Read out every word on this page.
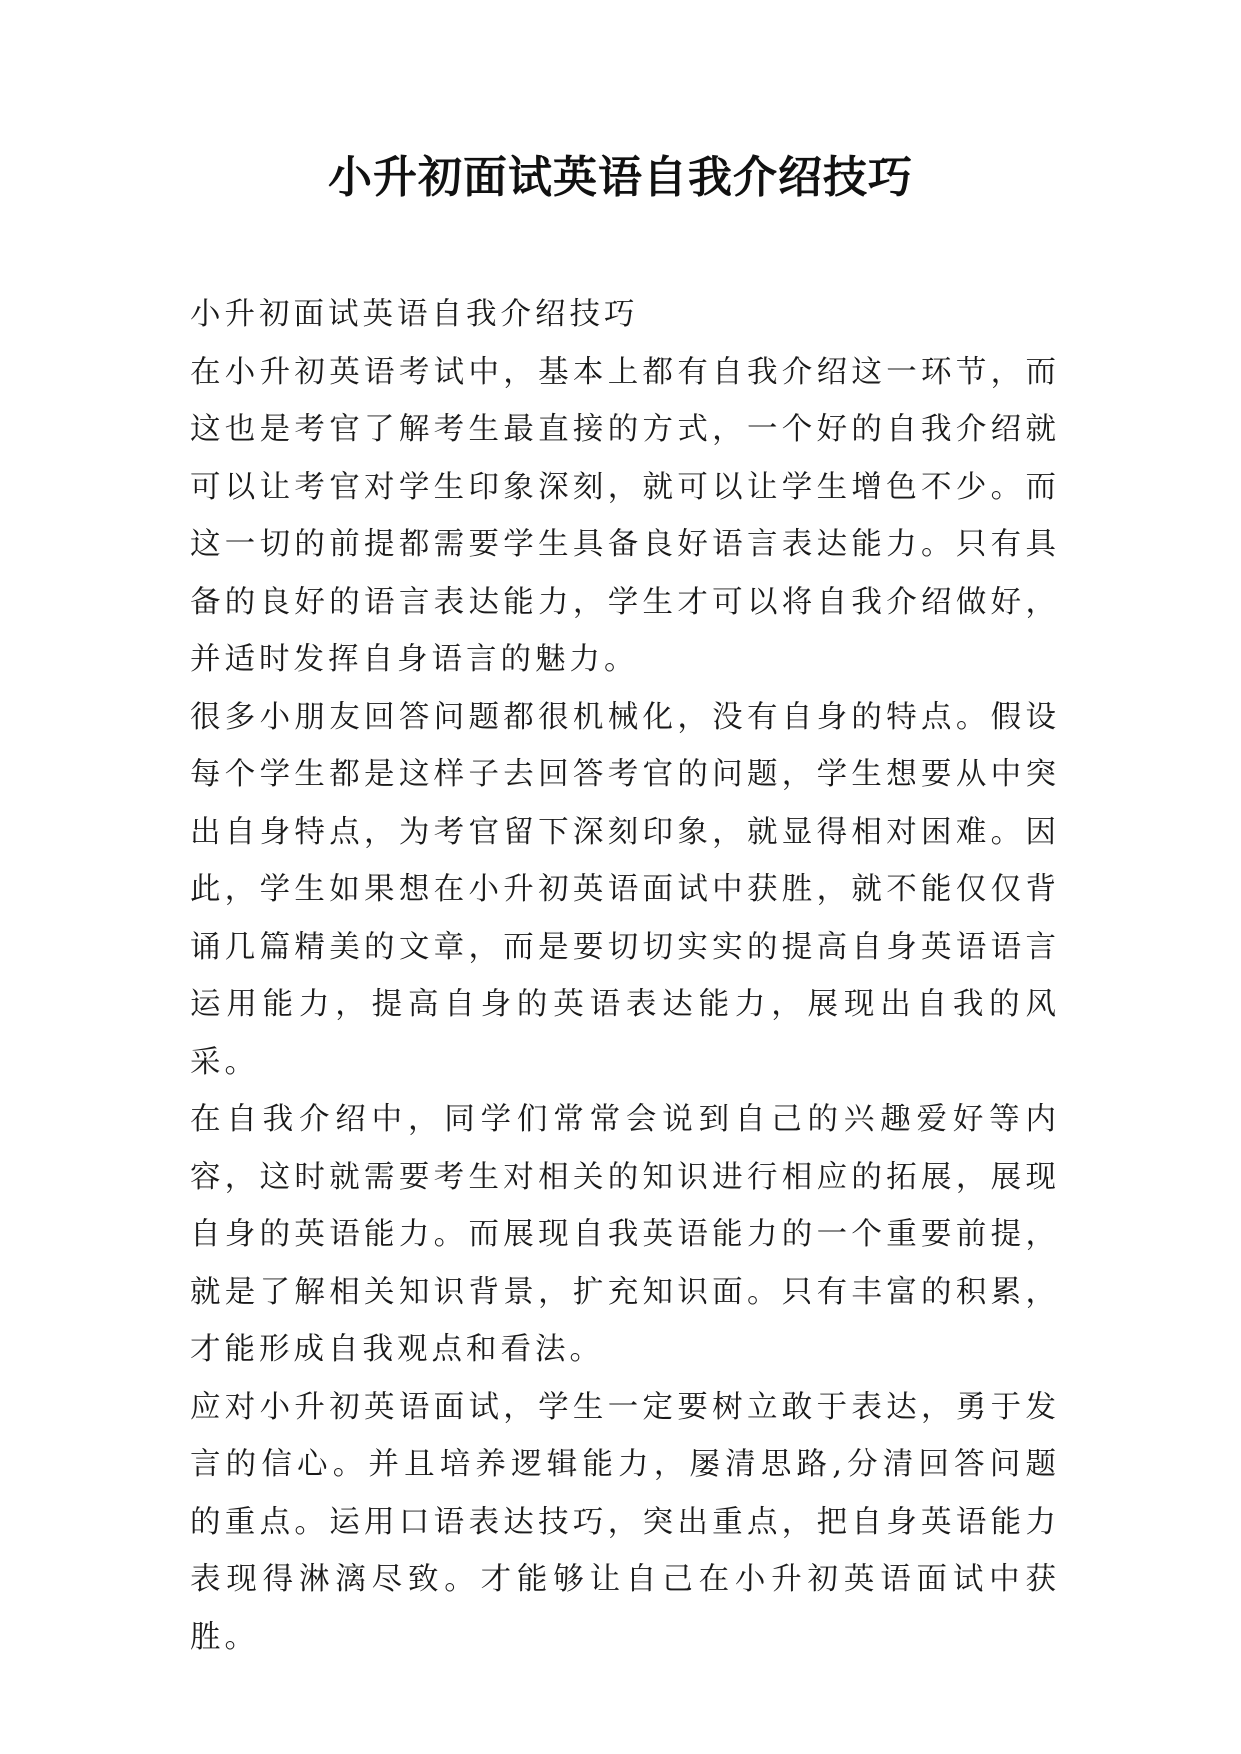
小升初面试英语自我介绍技巧

小升初面试英语自我介绍技巧

在小升初英语考试中，基本上都有自我介绍这一环节，而这也是考官了解考生最直接的方式，一个好的自我介绍就可以让考官对学生印象深刻，就可以让学生增色不少。而这一切的前提都需要学生具备良好语言表达能力。只有具备的良好的语言表达能力，学生才可以将自我介绍做好，并适时发挥自身语言的魅力。

很多小朋友回答问题都很机械化，没有自身的特点。假设每个学生都是这样子去回答考官的问题，学生想要从中突出自身特点，为考官留下深刻印象，就显得相对困难。因此，学生如果想在小升初英语面试中获胜，就不能仅仅背诵几篇精美的文章，而是要切切实实的提高自身英语语言运用能力，提高自身的英语表达能力，展现出自我的风采。

在自我介绍中，同学们常常会说到自己的兴趣爱好等内容，这时就需要考生对相关的知识进行相应的拓展，展现自身的英语能力。而展现自我英语能力的一个重要前提，就是了解相关知识背景，扩充知识面。只有丰富的积累，才能形成自我观点和看法。

应对小升初英语面试，学生一定要树立敢于表达，勇于发言的信心。并且培养逻辑能力，屡清思路,分清回答问题的重点。运用口语表达技巧，突出重点，把自身英语能力表现得淋漓尽致。才能够让自己在小升初英语面试中获胜。
